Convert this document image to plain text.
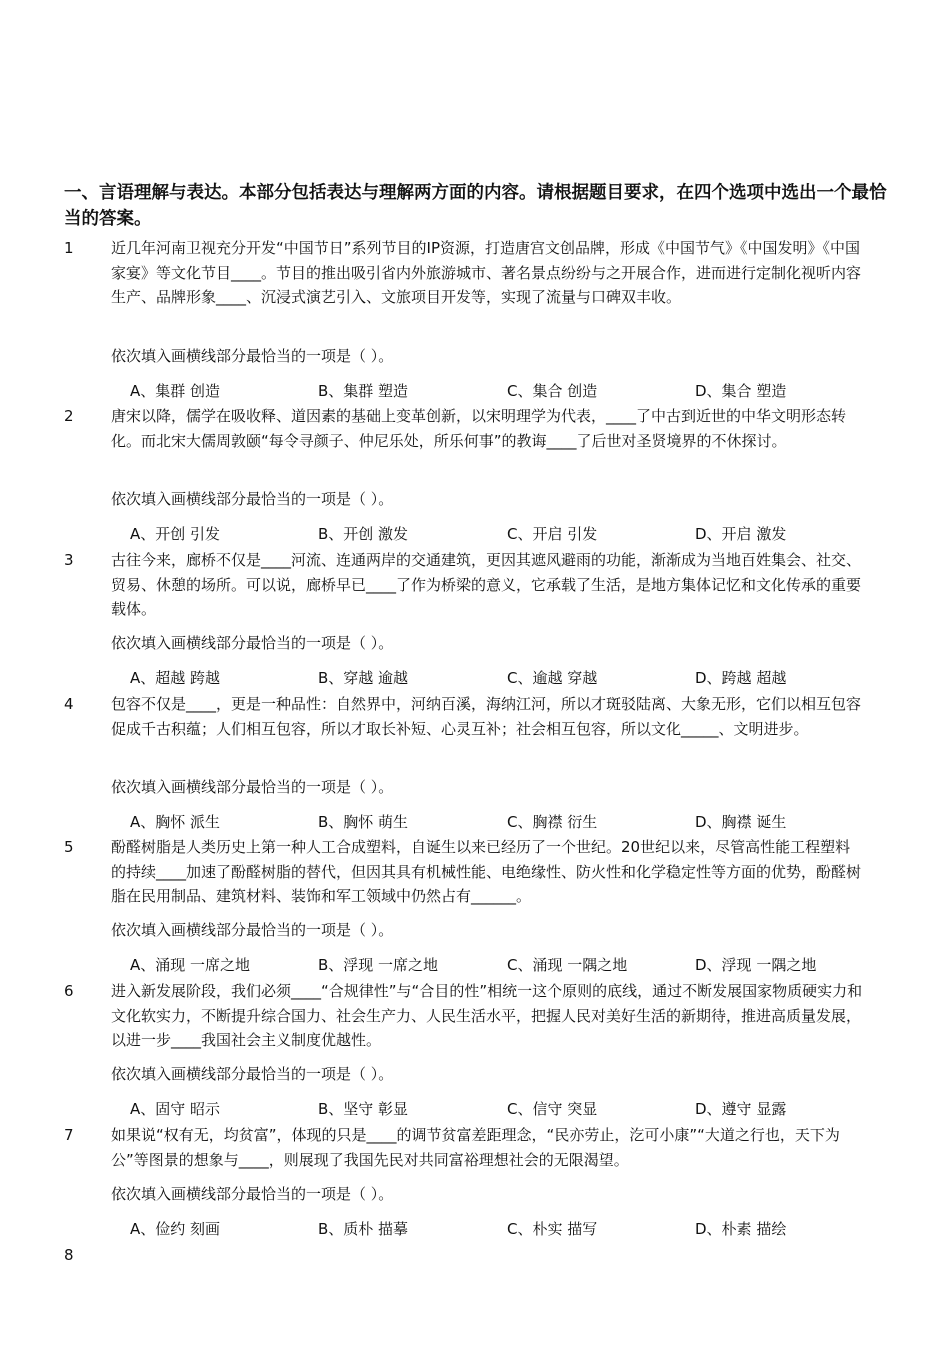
一、言语理解与表达。本部分包括表达与理解两方面的内容。请根据题目要求，在四个选项中选出一个最恰当的答案。
1 近几年河南卫视充分开发“中国节日”系列节目的IP资源，打造唐宫文创品牌，形成《中国节气》《中国发明》《中国家宴》等文化节目____。节目的推出吸引省内外旅游城市、著名景点纷纷与之开展合作，进而进行定制化视听内容生产、品牌形象____、沉浸式演艺引入、文旅项目开发等，实现了流量与口碑双丰收。

依次填入画横线部分最恰当的一项是（ ）。
A、集群 创造	B、集群 塑造	C、集合 创造	D、集合 塑造
2 唐宋以降，儒学在吸收释、道因素的基础上变革创新，以宋明理学为代表，____了中古到近世的中华文明形态转化。而北宋大儒周敦颐“每令寻颜子、仲尼乐处，所乐何事”的教诲____了后世对圣贤境界的不休探讨。

依次填入画横线部分最恰当的一项是（ ）。
A、开创 引发	B、开创 激发	C、开启 引发	D、开启 激发
3 古往今来，廊桥不仅是____河流、连通两岸的交通建筑，更因其遮风避雨的功能，渐渐成为当地百姓集会、社交、贸易、休憩的场所。可以说，廊桥早已____了作为桥梁的意义，它承载了生活，是地方集体记忆和文化传承的重要载体。

依次填入画横线部分最恰当的一项是（ ）。
A、超越 跨越	B、穿越 逾越	C、逾越 穿越	D、跨越 超越
4 包容不仅是____，更是一种品性：自然界中，河纳百溪，海纳江河，所以才斑驳陆离、大象无形，它们以相互包容促成千古积蕴；人们相互包容，所以才取长补短、心灵互补；社会相互包容，所以文化_____、文明进步。

依次填入画横线部分最恰当的一项是（ ）。
A、胸怀 派生	B、胸怀 萌生	C、胸襟 衍生	D、胸襟 诞生
5 酚醛树脂是人类历史上第一种人工合成塑料，自诞生以来已经历了一个世纪。20世纪以来，尽管高性能工程塑料的持续____加速了酚醛树脂的替代，但因其具有机械性能、电绝缘性、防火性和化学稳定性等方面的优势，酚醛树脂在民用制品、建筑材料、装饰和军工领域中仍然占有______。

依次填入画横线部分最恰当的一项是（ ）。
A、涌现 一席之地	B、浮现 一席之地	C、涌现 一隅之地	D、浮现 一隅之地
6 进入新发展阶段，我们必须____“合规律性”与“合目的性”相统一这个原则的底线，通过不断发展国家物质硬实力和文化软实力，不断提升综合国力、社会生产力、人民生活水平，把握人民对美好生活的新期待，推进高质量发展，以进一步____我国社会主义制度优越性。

依次填入画横线部分最恰当的一项是（ ）。
A、固守 昭示	B、坚守 彰显	C、信守 突显	D、遵守 显露
7 如果说“权有无，均贫富”，体现的只是____的调节贫富差距理念，“民亦劳止，汔可小康”“大道之行也，天下为公”等图景的想象与____，则展现了我国先民对共同富裕理想社会的无限渴望。

依次填入画横线部分最恰当的一项是（ ）。
A、俭约 刻画	B、质朴 描摹	C、朴实 描写	D、朴素 描绘
8
